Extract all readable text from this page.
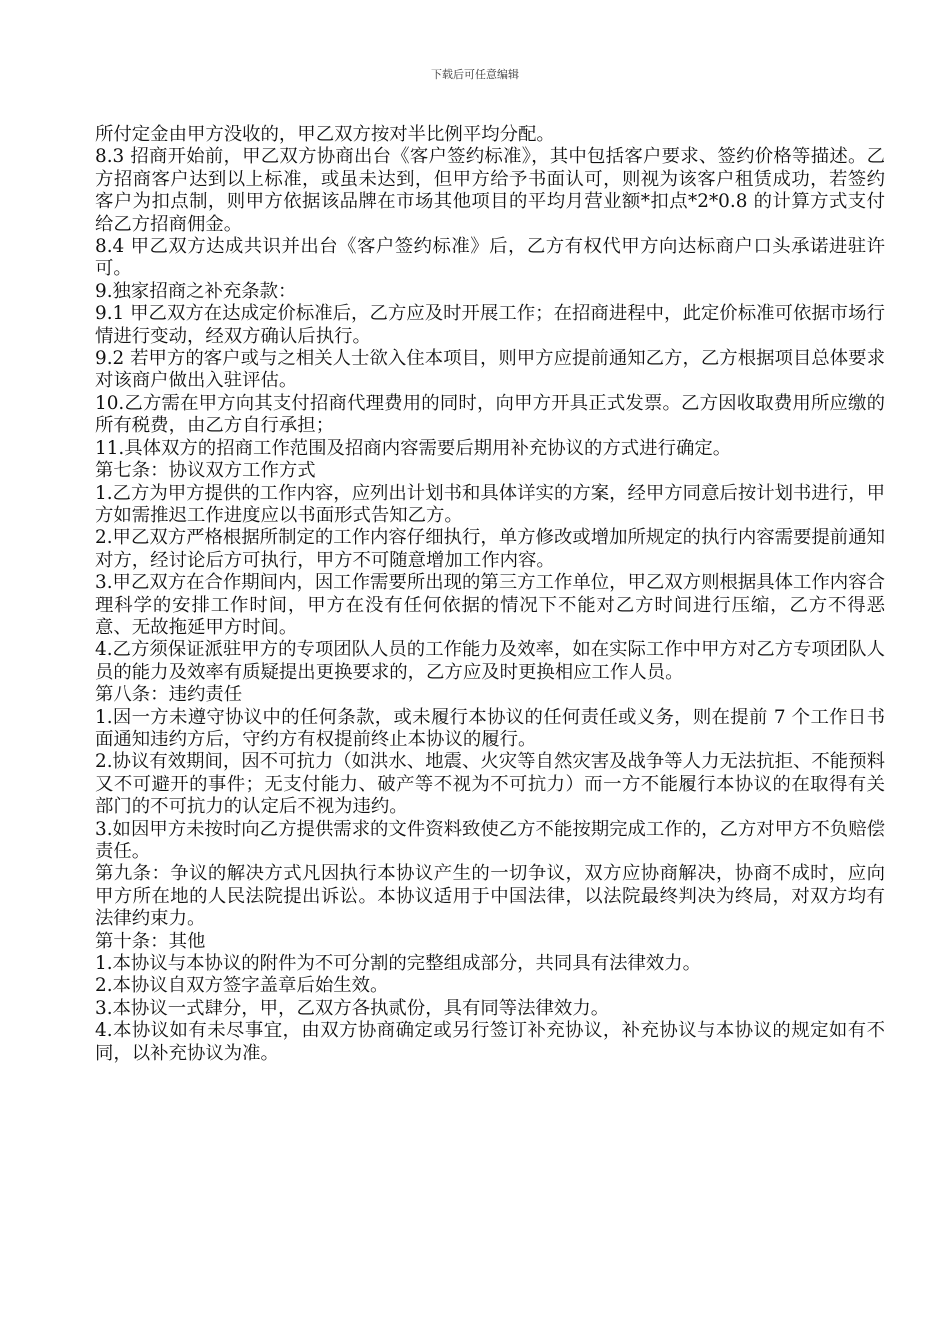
下载后可任意编辑

所付定金由甲方没收的，甲乙双方按对半比例平均分配。

8.3 招商开始前，甲乙双方协商出台《客户签约标准》，其中包括客户要求、签约价格等描述。乙方招商客户达到以上标准，或虽未达到，但甲方给予书面认可，则视为该客户租赁成功，若签约客户为扣点制，则甲方依据该品牌在市场其他项目的平均月营业额*扣点*2*0.8 的计算方式支付给乙方招商佣金。

8.4 甲乙双方达成共识并出台《客户签约标准》后，乙方有权代甲方向达标商户口头承诺进驻许可。

9.独家招商之补充条款：

9.1 甲乙双方在达成定价标准后，乙方应及时开展工作；在招商进程中，此定价标准可依据市场行情进行变动，经双方确认后执行。

9.2 若甲方的客户或与之相关人士欲入住本项目，则甲方应提前通知乙方，乙方根据项目总体要求对该商户做出入驻评估。

10.乙方需在甲方向其支付招商代理费用的同时，向甲方开具正式发票。乙方因收取费用所应缴的所有税费，由乙方自行承担；

11.具体双方的招商工作范围及招商内容需要后期用补充协议的方式进行确定。

第七条：协议双方工作方式

1.乙方为甲方提供的工作内容，应列出计划书和具体详实的方案，经甲方同意后按计划书进行，甲方如需推迟工作进度应以书面形式告知乙方。

2.甲乙双方严格根据所制定的工作内容仔细执行，单方修改或增加所规定的执行内容需要提前通知对方，经讨论后方可执行，甲方不可随意增加工作内容。

3.甲乙双方在合作期间内，因工作需要所出现的第三方工作单位，甲乙双方则根据具体工作内容合理科学的安排工作时间，甲方在没有任何依据的情况下不能对乙方时间进行压缩，乙方不得恶意、无故拖延甲方时间。

4.乙方须保证派驻甲方的专项团队人员的工作能力及效率，如在实际工作中甲方对乙方专项团队人员的能力及效率有质疑提出更换要求的，乙方应及时更换相应工作人员。

第八条：违约责任

1.因一方未遵守协议中的任何条款，或未履行本协议的任何责任或义务，则在提前 7 个工作日书面通知违约方后，守约方有权提前终止本协议的履行。

2.协议有效期间，因不可抗力（如洪水、地震、火灾等自然灾害及战争等人力无法抗拒、不能预料又不可避开的事件；无支付能力、破产等不视为不可抗力）而一方不能履行本协议的在取得有关部门的不可抗力的认定后不视为违约。

3.如因甲方未按时向乙方提供需求的文件资料致使乙方不能按期完成工作的，乙方对甲方不负赔偿责任。

第九条：争议的解决方式凡因执行本协议产生的一切争议，双方应协商解决，协商不成时，应向甲方所在地的人民法院提出诉讼。本协议适用于中国法律，以法院最终判决为终局，对双方均有法律约束力。

第十条：其他

1.本协议与本协议的附件为不可分割的完整组成部分，共同具有法律效力。

2.本协议自双方签字盖章后始生效。

3.本协议一式肆分，甲，乙双方各执贰份，具有同等法律效力。

4.本协议如有未尽事宜，由双方协商确定或另行签订补充协议，补充协议与本协议的规定如有不同，以补充协议为准。
